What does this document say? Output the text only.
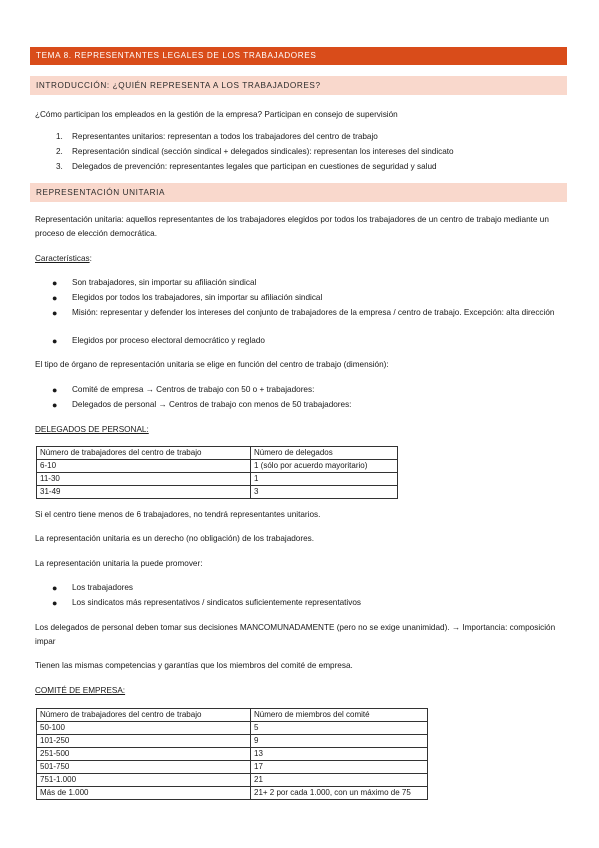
TEMA 8. REPRESENTANTES LEGALES DE LOS TRABAJADORES
INTRODUCCIÓN: ¿QUIÉN REPRESENTA A LOS TRABAJADORES?
¿Cómo participan los empleados en la gestión de la empresa? Participan en consejo de supervisión
1. Representantes unitarios: representan a todos los trabajadores del centro de trabajo
2. Representación sindical (sección sindical + delegados sindicales): representan los intereses del sindicato
3. Delegados de prevención: representantes legales que participan en cuestiones de seguridad y salud
REPRESENTACIÓN UNITARIA
Representación unitaria: aquellos representantes de los trabajadores elegidos por todos los trabajadores de un centro de trabajo mediante un proceso de elección democrática.
Características:
● Son trabajadores, sin importar su afiliación sindical
● Elegidos por todos los trabajadores, sin importar su afiliación sindical
● Misión: representar y defender los intereses del conjunto de trabajadores de la empresa / centro de trabajo. Excepción: alta dirección
● Elegidos por proceso electoral democrático y reglado
El tipo de órgano de representación unitaria se elige en función del centro de trabajo (dimensión):
● Comité de empresa → Centros de trabajo con 50 o + trabajadores:
● Delegados de personal → Centros de trabajo con menos de 50 trabajadores:
DELEGADOS DE PERSONAL:
Número de trabajadores del centro de trabajo	Número de delegados
6-10	1 (sólo por acuerdo mayoritario)
11-30	1
31-49	3
Si el centro tiene menos de 6 trabajadores, no tendrá representantes unitarios.
La representación unitaria es un derecho (no obligación) de los trabajadores.
La representación unitaria la puede promover:
● Los trabajadores
● Los sindicatos más representativos / sindicatos suficientemente representativos
Los delegados de personal deben tomar sus decisiones MANCOMUNADAMENTE (pero no se exige unanimidad). → Importancia: composición impar
Tienen las mismas competencias y garantías que los miembros del comité de empresa.
COMITÉ DE EMPRESA:
Número de trabajadores del centro de trabajo	Número de miembros del comité
50-100	5
101-250	9
251-500	13
501-750	17
751-1.000	21
Más de 1.000	21+ 2 por cada 1.000, con un máximo de 75
